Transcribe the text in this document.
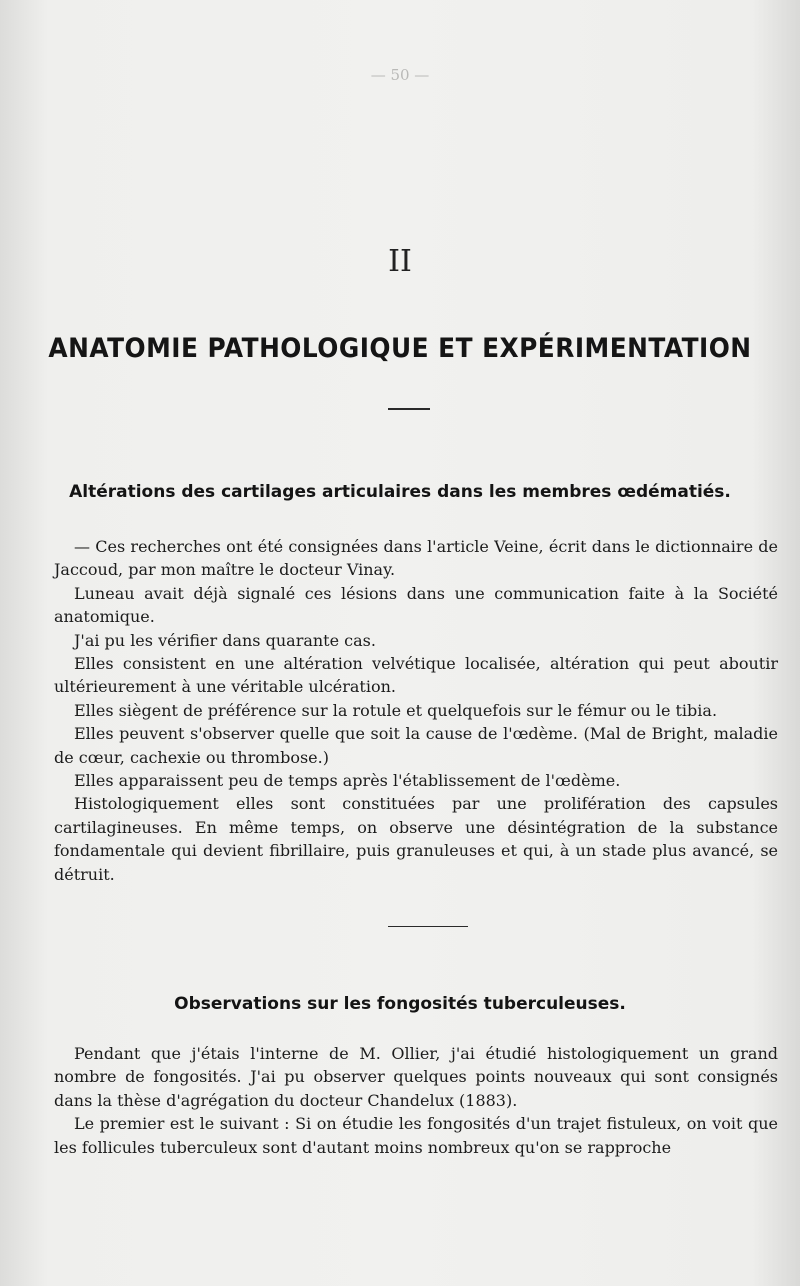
— 50 —
II
ANATOMIE PATHOLOGIQUE ET EXPÉRIMENTATION
Altérations des cartilages articulaires dans les membres œdématiés.

— Ces recherches ont été consignées dans l'article Veine, écrit dans le dictionnaire de Jaccoud, par mon maître le docteur Vinay.

Luneau avait déjà signalé ces lésions dans une communication faite à la Société anatomique.

J'ai pu les vérifier dans quarante cas.

Elles consistent en une altération velvétique localisée, altération qui peut aboutir ultérieurement à une véritable ulcération.

Elles siègent de préférence sur la rotule et quelquefois sur le fémur ou le tibia.

Elles peuvent s'observer quelle que soit la cause de l'œdème. (Mal de Bright, maladie de cœur, cachexie ou thrombose.)

Elles apparaissent peu de temps après l'établissement de l'œdème.

Histologiquement elles sont constituées par une prolifération des capsules cartilagineuses. En même temps, on observe une désintégration de la substance fondamentale qui devient fibrillaire, puis granuleuses et qui, à un stade plus avancé, se détruit.

Observations sur les fongosités tuberculeuses.

Pendant que j'étais l'interne de M. Ollier, j'ai étudié histologiquement un grand nombre de fongosités. J'ai pu observer quelques points nouveaux qui sont consignés dans la thèse d'agrégation du docteur Chandelux (1883).

Le premier est le suivant : Si on étudie les fongosités d'un trajet fistuleux, on voit que les follicules tuberculeux sont d'autant moins nombreux qu'on se rapproche
